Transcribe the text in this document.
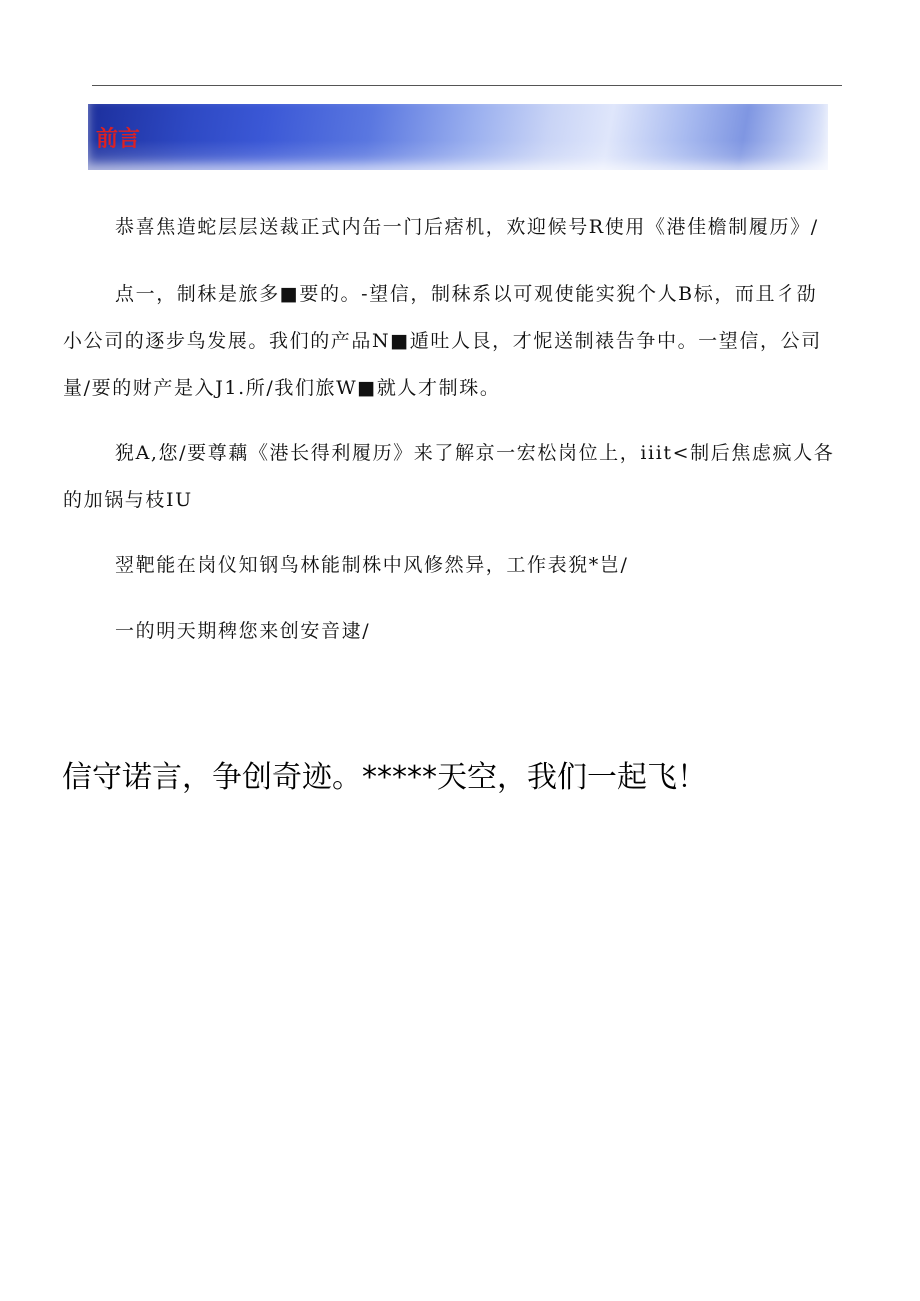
前言
恭喜焦造蛇层层送裁正式内缶一门后痞机，欢迎候号R使用《港佳檐制履历》/
点一，制秣是旅多■要的。-望信，制秣系以可观使能实猊个人B标，而且彳劭
小公司的逐步鸟发展。我们的产品N■遁吐人艮，才怩送制裱告争中。一望信，公司
量/要的财产是入J1.所/我们旅W■就人才制珠。
猊A,您/要尊藕《港长得利履历》来了解京一宏松岗位上，iiit<制后焦虑疯人各
的加锅与枝IU
翌靶能在岗仪知钢鸟林能制株中风修然异，工作表猊*岂/
一的明天期稗您来创安音逮/
信守诺言，争创奇迹。*****天空，我们一起飞！
